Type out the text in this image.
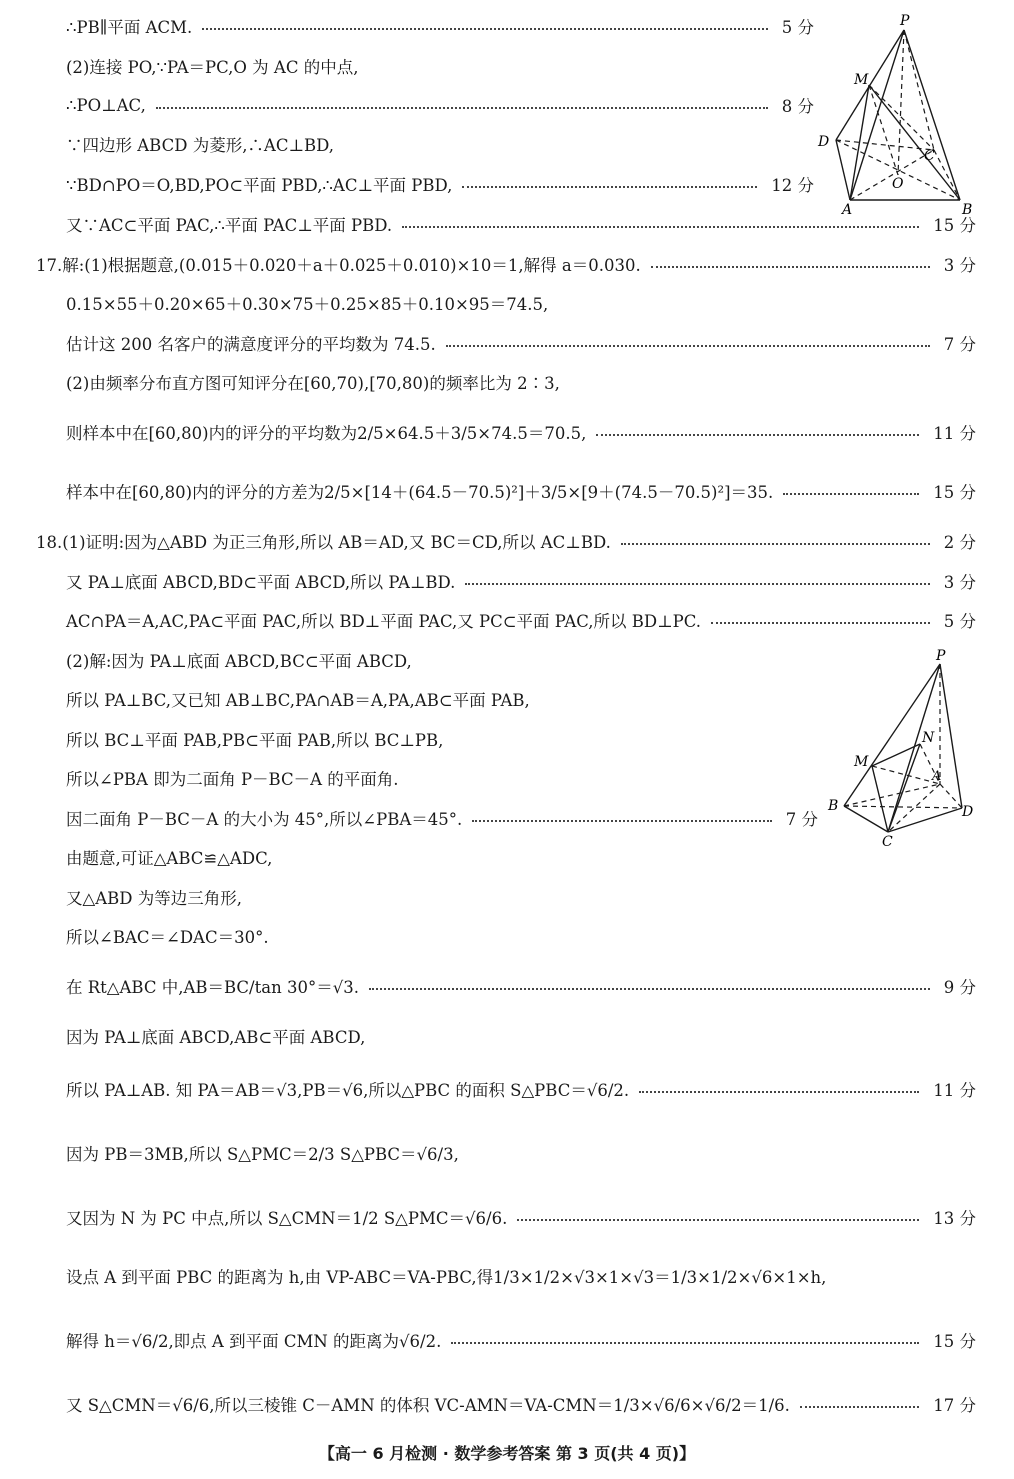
∴PB∥平面 ACM.	5 分
(2)连接 PO,∵PA＝PC,O 为 AC 的中点,
∴PO⊥AC,	8 分
∵四边形 ABCD 为菱形,∴AC⊥BD,
∵BD∩PO＝O,BD,PO⊂平面 PBD,∴AC⊥平面 PBD,	12 分
又∵AC⊂平面 PAC,∴平面 PAC⊥平面 PBD.	15 分
17.解:(1)根据题意,(0.015＋0.020＋a＋0.025＋0.010)×10＝1,解得 a＝0.030.	3 分
0.15×55＋0.20×65＋0.30×75＋0.25×85＋0.10×95＝74.5,
估计这 200 名客户的满意度评分的平均数为 74.5.	7 分
(2)由频率分布直方图可知评分在[60,70),[70,80)的频率比为 2∶3,
则样本中在[60,80)内的评分的平均数为2/5×64.5＋3/5×74.5＝70.5,	11 分
样本中在[60,80)内的评分的方差为2/5×[14＋(64.5－70.5)²]＋3/5×[9＋(74.5－70.5)²]＝35.	15 分
18.(1)证明:因为△ABD 为正三角形,所以 AB＝AD,又 BC＝CD,所以 AC⊥BD.	2 分
又 PA⊥底面 ABCD,BD⊂平面 ABCD,所以 PA⊥BD.	3 分
AC∩PA＝A,AC,PA⊂平面 PAC,所以 BD⊥平面 PAC,又 PC⊂平面 PAC,所以 BD⊥PC.	5 分
(2)解:因为 PA⊥底面 ABCD,BC⊂平面 ABCD,
所以 PA⊥BC,又已知 AB⊥BC,PA∩AB＝A,PA,AB⊂平面 PAB,
所以 BC⊥平面 PAB,PB⊂平面 PAB,所以 BC⊥PB,
所以∠PBA 即为二面角 P－BC－A 的平面角.
因二面角 P－BC－A 的大小为 45°,所以∠PBA＝45°.	7 分
由题意,可证△ABC≌△ADC,
又△ABD 为等边三角形,
所以∠BAC＝∠DAC＝30°.
在 Rt△ABC 中,AB＝BC/tan 30°＝√3.	9 分
因为 PA⊥底面 ABCD,AB⊂平面 ABCD,
所以 PA⊥AB. 知 PA＝AB＝√3,PB＝√6,所以△PBC 的面积 S△PBC＝√6/2.	11 分
因为 PB＝3MB,所以 S△PMC＝2/3 S△PBC＝√6/3,
又因为 N 为 PC 中点,所以 S△CMN＝1/2 S△PMC＝√6/6.	13 分
设点 A 到平面 PBC 的距离为 h,由 VP-ABC＝VA-PBC,得1/3×1/2×√3×1×√3＝1/3×1/2×√6×1×h,
解得 h＝√6/2,即点 A 到平面 CMN 的距离为√6/2.	15 分
又 S△CMN＝√6/6,所以三棱锥 C－AMN 的体积 VC-AMN＝VA-CMN＝1/3×√6/6×√6/2＝1/6.	17 分
P
M
D
C
O
A	B
P
N
M
A
B	D
C
【高一 6 月检测 · 数学参考答案 第 3 页(共 4 页)】
